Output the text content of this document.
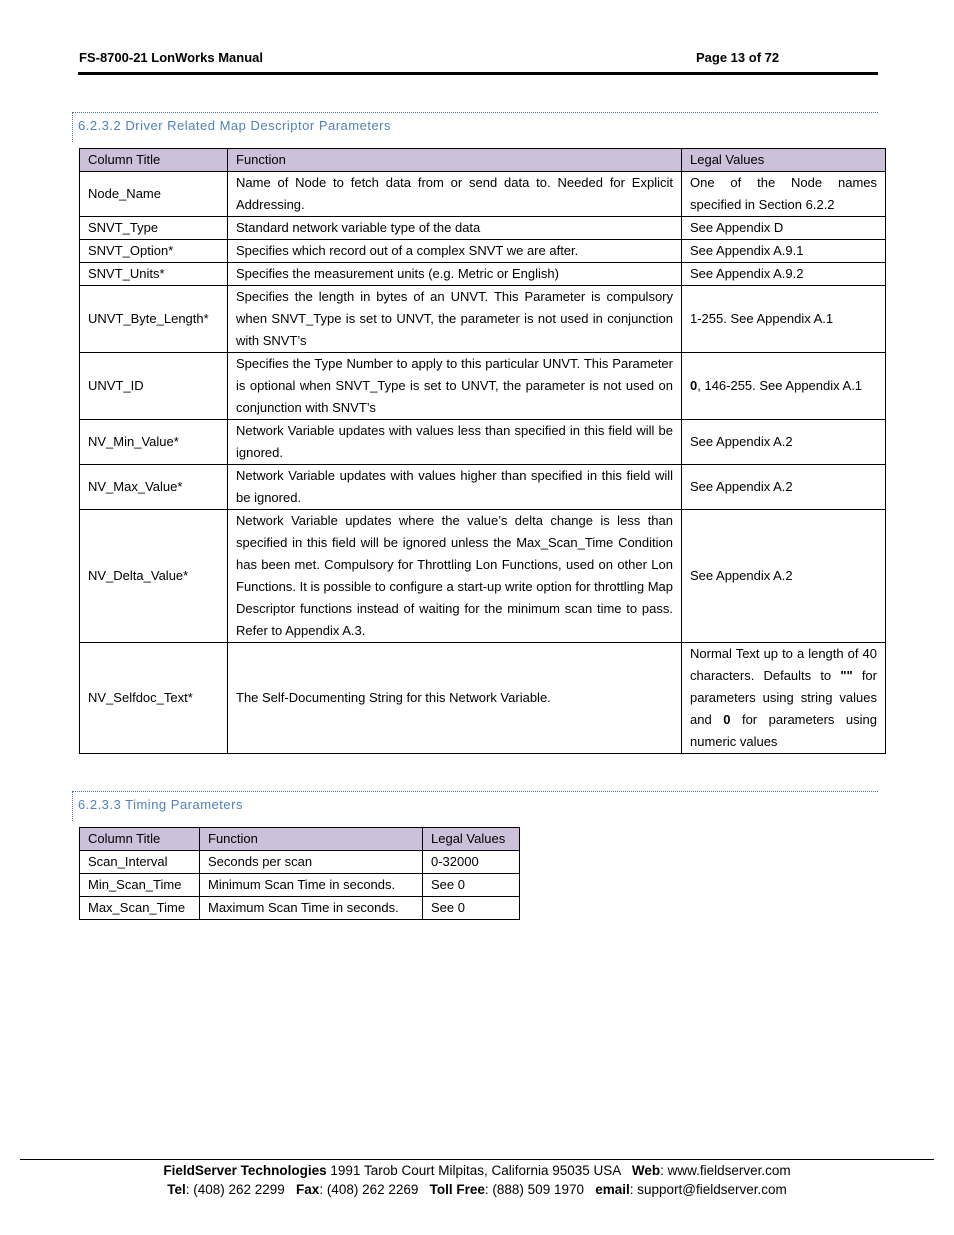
FS-8700-21 LonWorks Manual	Page 13 of 72
6.2.3.2 Driver Related Map Descriptor Parameters
Column Title	Function	Legal Values
Node_Name	Name of Node to fetch data from or send data to. Needed for Explicit Addressing.	One of the Node names specified in Section 6.2.2
SNVT_Type	Standard network variable type of the data	See Appendix D
SNVT_Option*	Specifies which record out of a complex SNVT we are after.	See Appendix A.9.1
SNVT_Units*	Specifies the measurement units (e.g. Metric or English)	See Appendix A.9.2
UNVT_Byte_Length*	Specifies the length in bytes of an UNVT. This Parameter is compulsory when SNVT_Type is set to UNVT, the parameter is not used in conjunction with SNVT’s	1-255. See Appendix A.1
UNVT_ID	Specifies the Type Number to apply to this particular UNVT. This Parameter is optional when SNVT_Type is set to UNVT, the parameter is not used on conjunction with SNVT’s	0, 146-255. See Appendix A.1
NV_Min_Value*	Network Variable updates with values less than specified in this field will be ignored.	See Appendix A.2
NV_Max_Value*	Network Variable updates with values higher than specified in this field will be ignored.	See Appendix A.2
NV_Delta_Value*	Network Variable updates where the value’s delta change is less than specified in this field will be ignored unless the Max_Scan_Time Condition has been met. Compulsory for Throttling Lon Functions, used on other Lon Functions. It is possible to configure a start-up write option for throttling Map Descriptor functions instead of waiting for the minimum scan time to pass. Refer to Appendix A.3.	See Appendix A.2
NV_Selfdoc_Text*	The Self-Documenting String for this Network Variable.	Normal Text up to a length of 40 characters. Defaults to "" for parameters using string values and 0 for parameters using numeric values
6.2.3.3 Timing Parameters
Column Title	Function	Legal Values
Scan_Interval	Seconds per scan	0-32000
Min_Scan_Time	Minimum Scan Time in seconds.	See 0
Max_Scan_Time	Maximum Scan Time in seconds.	See 0
FieldServer Technologies 1991 Tarob Court Milpitas, California 95035 USA   Web: www.fieldserver.com
Tel: (408) 262 2299   Fax: (408) 262 2269   Toll Free: (888) 509 1970   email: support@fieldserver.com
